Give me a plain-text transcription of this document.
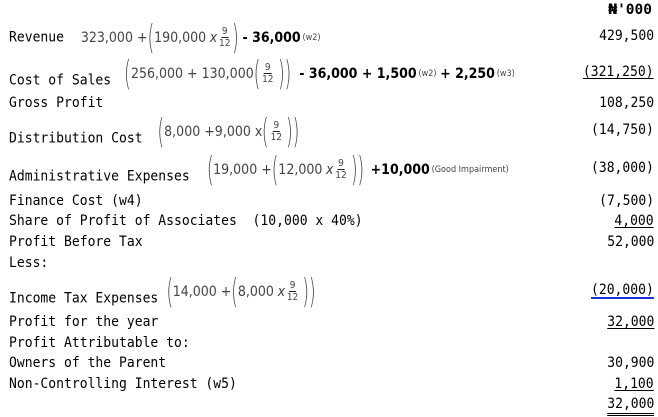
₦'000
Revenue 323,000 + ( 190,000 x $\frac{9}{12}$ ) - 36,000 (w2)	429,500
Cost of Sales ( 256,000 + 130,000 ( $\frac{9}{12}$ )) - 36,000 + 1,500 (w2) + 2,250 (w3)	(321,250)
Gross Profit	108,250
Distribution Cost ( 8,000 +9,000 x ( $\frac{9}{12}$ ))	(14,750)
Administrative Expenses ( 19,000 + ( 12,000 x $\frac{9}{12}$ )) +10,000 (Good Impairment)	(38,000)
Finance Cost (w4)	(7,500)
Share of Profit of Associates  (10,000 x 40%)	4,000
Profit Before Tax	52,000
Less:
Income Tax Expenses ( 14,000 + ( 8,000 x $\frac{9}{12}$ ))	(20,000)
Profit for the year	32,000
Profit Attributable to:
Owners of the Parent	30,900
Non-Controlling Interest (w5)	1,100
32,000
